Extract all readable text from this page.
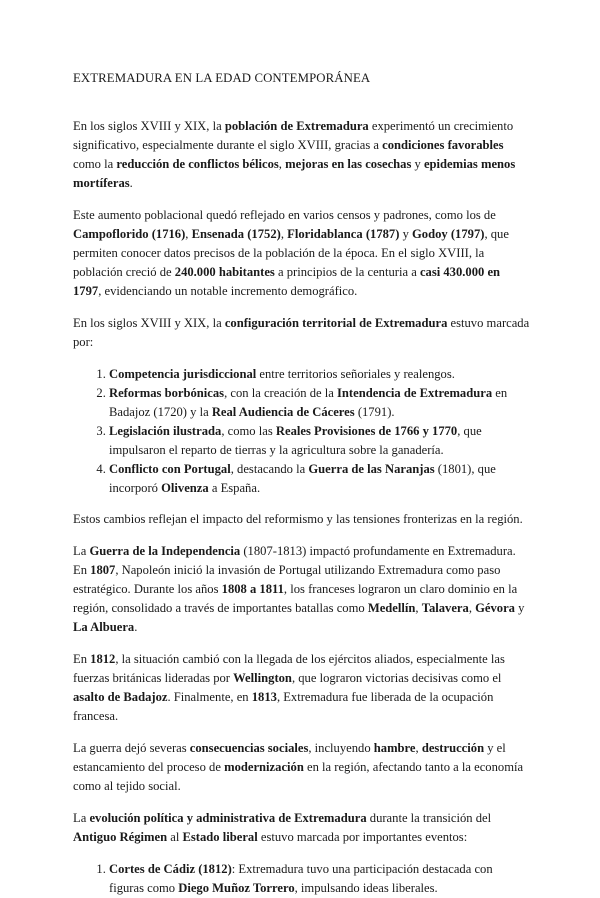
EXTREMADURA EN LA EDAD CONTEMPORÁNEA

En los siglos XVIII y XIX, la población de Extremadura experimentó un crecimiento significativo, especialmente durante el siglo XVIII, gracias a condiciones favorables como la reducción de conflictos bélicos, mejoras en las cosechas y epidemias menos mortíferas.

Este aumento poblacional quedó reflejado en varios censos y padrones, como los de Campoflorido (1716), Ensenada (1752), Floridablanca (1787) y Godoy (1797), que permiten conocer datos precisos de la población de la época. En el siglo XVIII, la población creció de 240.000 habitantes a principios de la centuria a casi 430.000 en 1797, evidenciando un notable incremento demográfico.

En los siglos XVIII y XIX, la configuración territorial de Extremadura estuvo marcada por:

1. Competencia jurisdiccional entre territorios señoriales y realengos.
2. Reformas borbónicas, con la creación de la Intendencia de Extremadura en Badajoz (1720) y la Real Audiencia de Cáceres (1791).
3. Legislación ilustrada, como las Reales Provisiones de 1766 y 1770, que impulsaron el reparto de tierras y la agricultura sobre la ganadería.
4. Conflicto con Portugal, destacando la Guerra de las Naranjas (1801), que incorporó Olivenza a España.

Estos cambios reflejan el impacto del reformismo y las tensiones fronterizas en la región.

La Guerra de la Independencia (1807-1813) impactó profundamente en Extremadura. En 1807, Napoleón inició la invasión de Portugal utilizando Extremadura como paso estratégico. Durante los años 1808 a 1811, los franceses lograron un claro dominio en la región, consolidado a través de importantes batallas como Medellín, Talavera, Gévora y La Albuera.

En 1812, la situación cambió con la llegada de los ejércitos aliados, especialmente las fuerzas británicas lideradas por Wellington, que lograron victorias decisivas como el asalto de Badajoz. Finalmente, en 1813, Extremadura fue liberada de la ocupación francesa.

La guerra dejó severas consecuencias sociales, incluyendo hambre, destrucción y el estancamiento del proceso de modernización en la región, afectando tanto a la economía como al tejido social.

La evolución política y administrativa de Extremadura durante la transición del Antiguo Régimen al Estado liberal estuvo marcada por importantes eventos:

1. Cortes de Cádiz (1812): Extremadura tuvo una participación destacada con figuras como Diego Muñoz Torrero, impulsando ideas liberales.
